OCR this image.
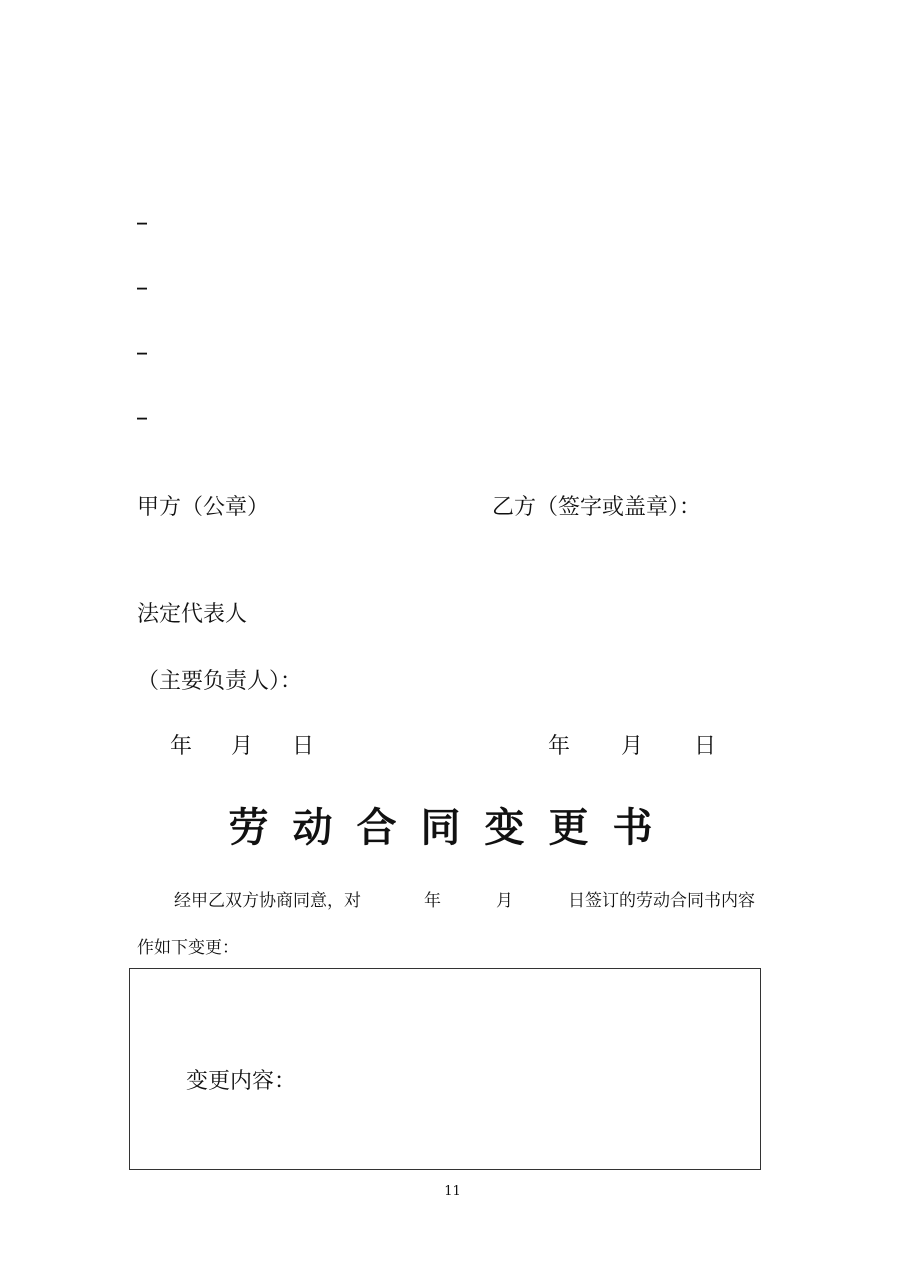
_
_
_
_
甲方（公章）	乙方（签字或盖章）：
法定代表人
（主要负责人）：
年 月 日	年 月 日
劳动合同变更书
经甲乙双方协商同意，对	年	月	日签订的劳动合同书内容
作如下变更：
变更内容：
11
